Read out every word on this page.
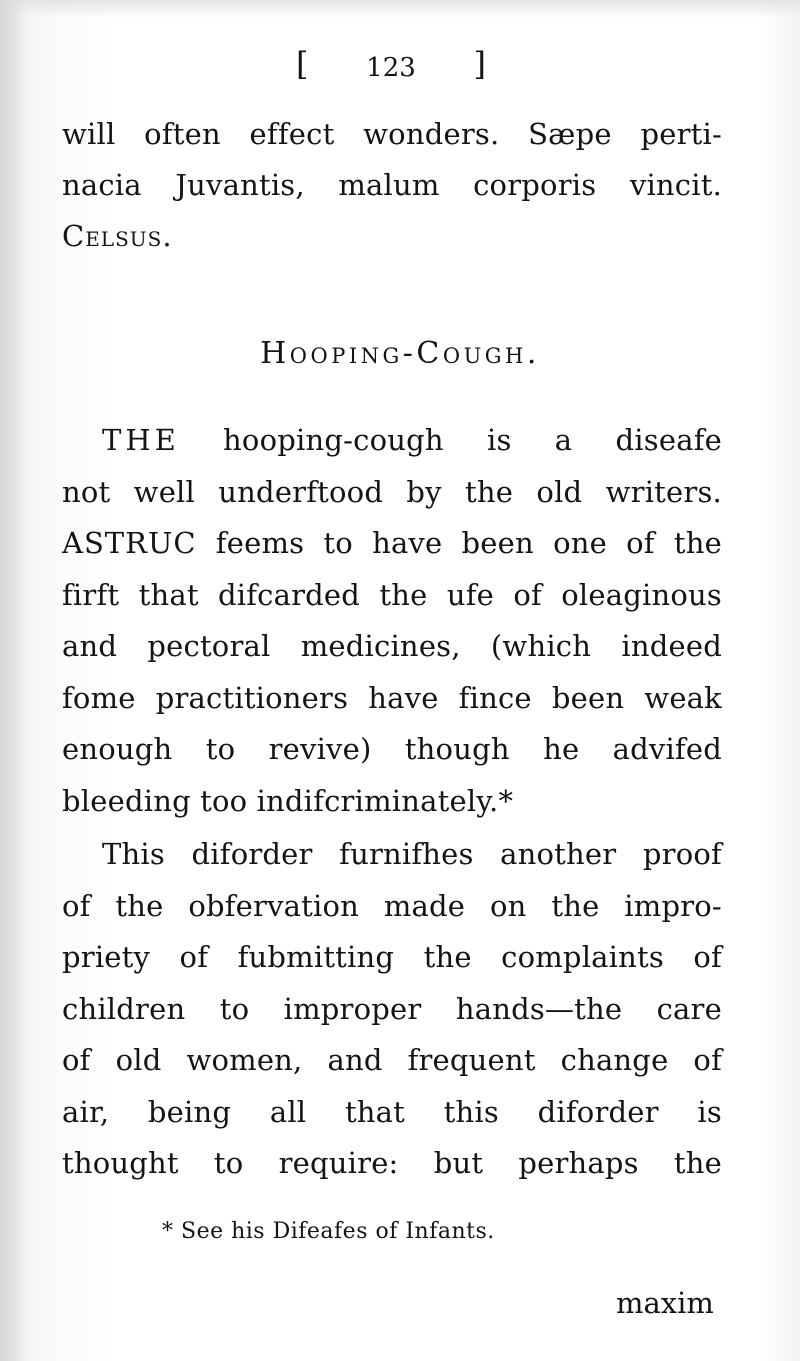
[ 123 ]
will often effect wonders. Sæpe perti-
nacia Juvantis, malum corporis vincit.
Celsus.
Hooping-Cough.
THE hooping-cough is a diseafe
not well underftood by the old writers.
ASTRUC feems to have been one of the
firft that difcarded the ufe of oleaginous
and pectoral medicines, (which indeed
fome practitioners have fince been weak
enough to revive) though he advifed
bleeding too indifcriminately.*
This diforder furnifhes another proof
of the obfervation made on the impro-
priety of fubmitting the complaints of
children to improper hands—the care
of old women, and frequent change of
air, being all that this diforder is
thought to require: but perhaps the
* See his Difeafes of Infants.
maxim
